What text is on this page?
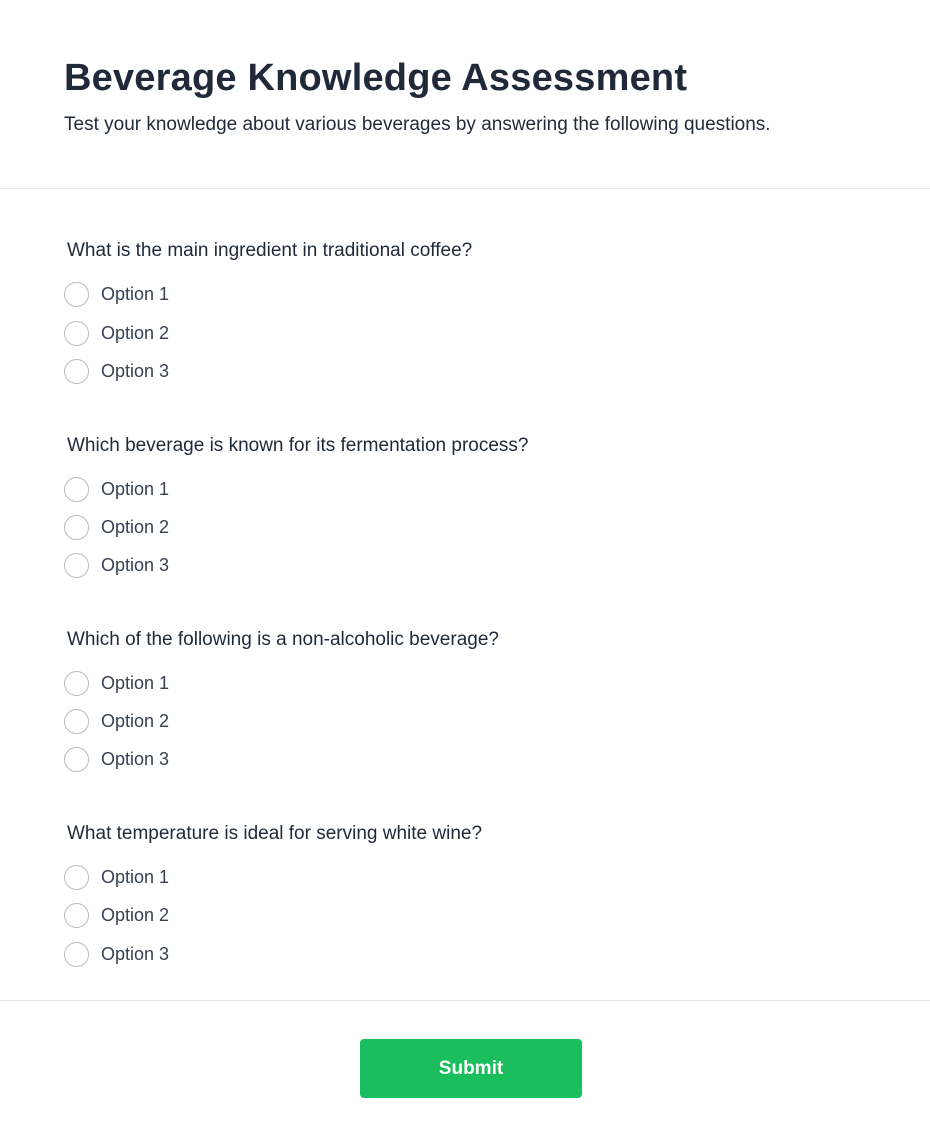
Beverage Knowledge Assessment

Test your knowledge about various beverages by answering the following questions.

What is the main ingredient in traditional coffee?
Option 1
Option 2
Option 3
Which beverage is known for its fermentation process?
Option 1
Option 2
Option 3
Which of the following is a non-alcoholic beverage?
Option 1
Option 2
Option 3
What temperature is ideal for serving white wine?
Option 1
Option 2
Option 3
Submit
